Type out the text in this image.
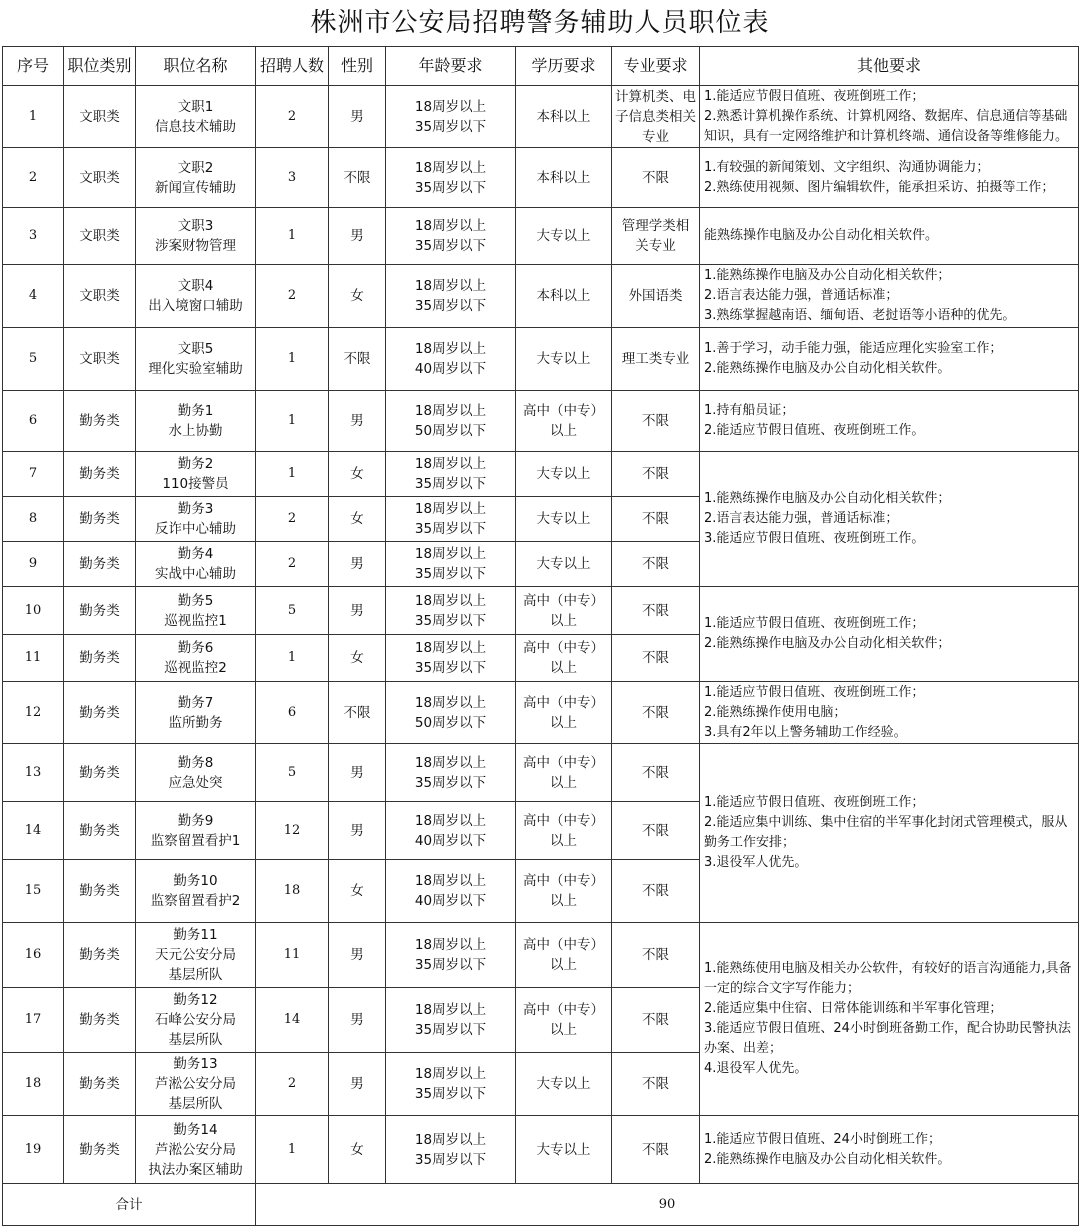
株洲市公安局招聘警务辅助人员职位表
序号	职位类别	职位名称	招聘人数	性别	年龄要求	学历要求	专业要求	其他要求
1	文职类	文职1
信息技术辅助	2	男	18周岁以上
35周岁以下	本科以上	计算机类、电
子信息类相关
专业	1.能适应节假日值班、夜班倒班工作；
2.熟悉计算机操作系统、计算机网络、数据库、信息通信等基础知识，具有一定网络维护和计算机终端、通信设备等维修能力。

2	文职类	文职2
新闻宣传辅助	3	不限	18周岁以上
35周岁以下	本科以上	不限	1.有较强的新闻策划、文字组织、沟通协调能力；
2.熟练使用视频、图片编辑软件，能承担采访、拍摄等工作；

3	文职类	文职3
涉案财物管理	1	男	18周岁以上
35周岁以下	大专以上	管理学类相
关专业	能熟练操作电脑及办公自动化相关软件。

4	文职类	文职4
出入境窗口辅助	2	女	18周岁以上
35周岁以下	本科以上	外国语类	1.能熟练操作电脑及办公自动化相关软件；
2.语言表达能力强，普通话标准；
3.熟练掌握越南语、缅甸语、老挝语等小语种的优先。

5	文职类	文职5
理化实验室辅助	1	不限	18周岁以上
40周岁以下	大专以上	理工类专业	1.善于学习，动手能力强，能适应理化实验室工作；
2.能熟练操作电脑及办公自动化相关软件。

6	勤务类	勤务1
水上协勤	1	男	18周岁以上
50周岁以下	高中（中专）
以上	不限	1.持有船员证；
2.能适应节假日值班、夜班倒班工作。

7	勤务类	勤务2
110接警员	1	女	18周岁以上
35周岁以下	大专以上	不限	1.能熟练操作电脑及办公自动化相关软件；
2.语言表达能力强，普通话标准；
3.能适应节假日值班、夜班倒班工作。

8	勤务类	勤务3
反诈中心辅助	2	女	18周岁以上
35周岁以下	大专以上	不限	

9	勤务类	勤务4
实战中心辅助	2	男	18周岁以上
35周岁以下	大专以上	不限	

10	勤务类	勤务5
巡视监控1	5	男	18周岁以上
35周岁以下	高中（中专）
以上	不限	1.能适应节假日值班、夜班倒班工作；
2.能熟练操作电脑及办公自动化相关软件；

11	勤务类	勤务6
巡视监控2	1	女	18周岁以上
35周岁以下	高中（中专）
以上	不限	

12	勤务类	勤务7
监所勤务	6	不限	18周岁以上
50周岁以下	高中（中专）
以上	不限	1.能适应节假日值班、夜班倒班工作；
2.能熟练操作使用电脑；
3.具有2年以上警务辅助工作经验。

13	勤务类	勤务8
应急处突	5	男	18周岁以上
35周岁以下	高中（中专）
以上	不限	1.能适应节假日值班、夜班倒班工作；
2.能适应集中训练、集中住宿的半军事化封闭式管理模式，服从勤务工作安排；
3.退役军人优先。

14	勤务类	勤务9
监察留置看护1	12	男	18周岁以上
40周岁以下	高中（中专）
以上	不限	

15	勤务类	勤务10
监察留置看护2	18	女	18周岁以上
40周岁以下	高中（中专）
以上	不限	

16	勤务类	勤务11
天元公安分局
基层所队	11	男	18周岁以上
35周岁以下	高中（中专）
以上	不限	1.能熟练使用电脑及相关办公软件，有较好的语言沟通能力,具备一定的综合文字写作能力；
2.能适应集中住宿、日常体能训练和半军事化管理；
3.能适应节假日值班、24小时倒班备勤工作，配合协助民警执法办案、出差；
4.退役军人优先。

17	勤务类	勤务12
石峰公安分局
基层所队	14	男	18周岁以上
35周岁以下	高中（中专）
以上	不限	

18	勤务类	勤务13
芦淞公安分局
基层所队	2	男	18周岁以上
35周岁以下	大专以上	不限	

19	勤务类	勤务14
芦淞公安分局
执法办案区辅助	1	女	18周岁以上
35周岁以下	大专以上	不限	1.能适应节假日值班、24小时倒班工作；
2.能熟练操作电脑及办公自动化相关软件。

合计			90					
